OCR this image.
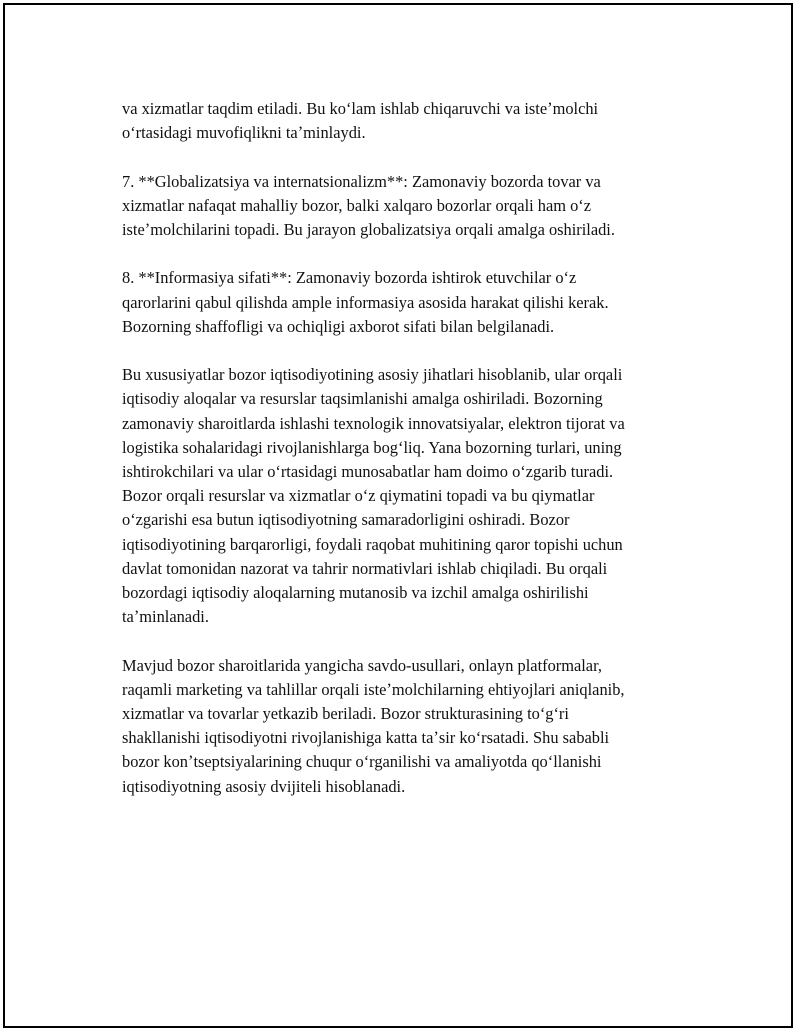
va xizmatlar taqdim etiladi. Bu koʻlam ishlab chiqaruvchi va isteʼmolchi
oʻrtasidagi muvofiqlikni taʼminlaydi.

7. **Globalizatsiya va internatsionalizm**: Zamonaviy bozorda tovar va
xizmatlar nafaqat mahalliy bozor, balki xalqaro bozorlar orqali ham oʻz
isteʼmolchilarini topadi. Bu jarayon globalizatsiya orqali amalga oshiriladi.

8. **Informasiya sifati**: Zamonaviy bozorda ishtirok etuvchilar oʻz
qarorlarini qabul qilishda ample informasiya asosida harakat qilishi kerak.
Bozorning shaffofligi va ochiqligi axborot sifati bilan belgilanadi.

Bu xususiyatlar bozor iqtisodiyotining asosiy jihatlari hisoblanib, ular orqali
iqtisodiy aloqalar va resurslar taqsimlanishi amalga oshiriladi. Bozorning
zamonaviy sharoitlarda ishlashi texnologik innovatsiyalar, elektron tijorat va
logistika sohalaridagi rivojlanishlarga bogʻliq. Yana bozorning turlari, uning
ishtirokchilari va ular oʻrtasidagi munosabatlar ham doimo oʻzgarib turadi.
Bozor orqali resurslar va xizmatlar oʻz qiymatini topadi va bu qiymatlar
oʻzgarishi esa butun iqtisodiyotning samaradorligini oshiradi. Bozor
iqtisodiyotining barqarorligi, foydali raqobat muhitining qaror topishi uchun
davlat tomonidan nazorat va tahrir normativlari ishlab chiqiladi. Bu orqali
bozordagi iqtisodiy aloqalarning mutanosib va izchil amalga oshirilishi
taʼminlanadi.

Mavjud bozor sharoitlarida yangicha savdo-usullari, onlayn platformalar,
raqamli marketing va tahlillar orqali isteʼmolchilarning ehtiyojlari aniqlanib,
xizmatlar va tovarlar yetkazib beriladi. Bozor strukturasining toʻgʻri
shakllanishi iqtisodiyotni rivojlanishiga katta taʼsir koʻrsatadi. Shu sababli
bozor konʼtseptsiyalarining chuqur oʻrganilishi va amaliyotda qoʻllanishi
iqtisodiyotning asosiy dvijiteli hisoblanadi.
